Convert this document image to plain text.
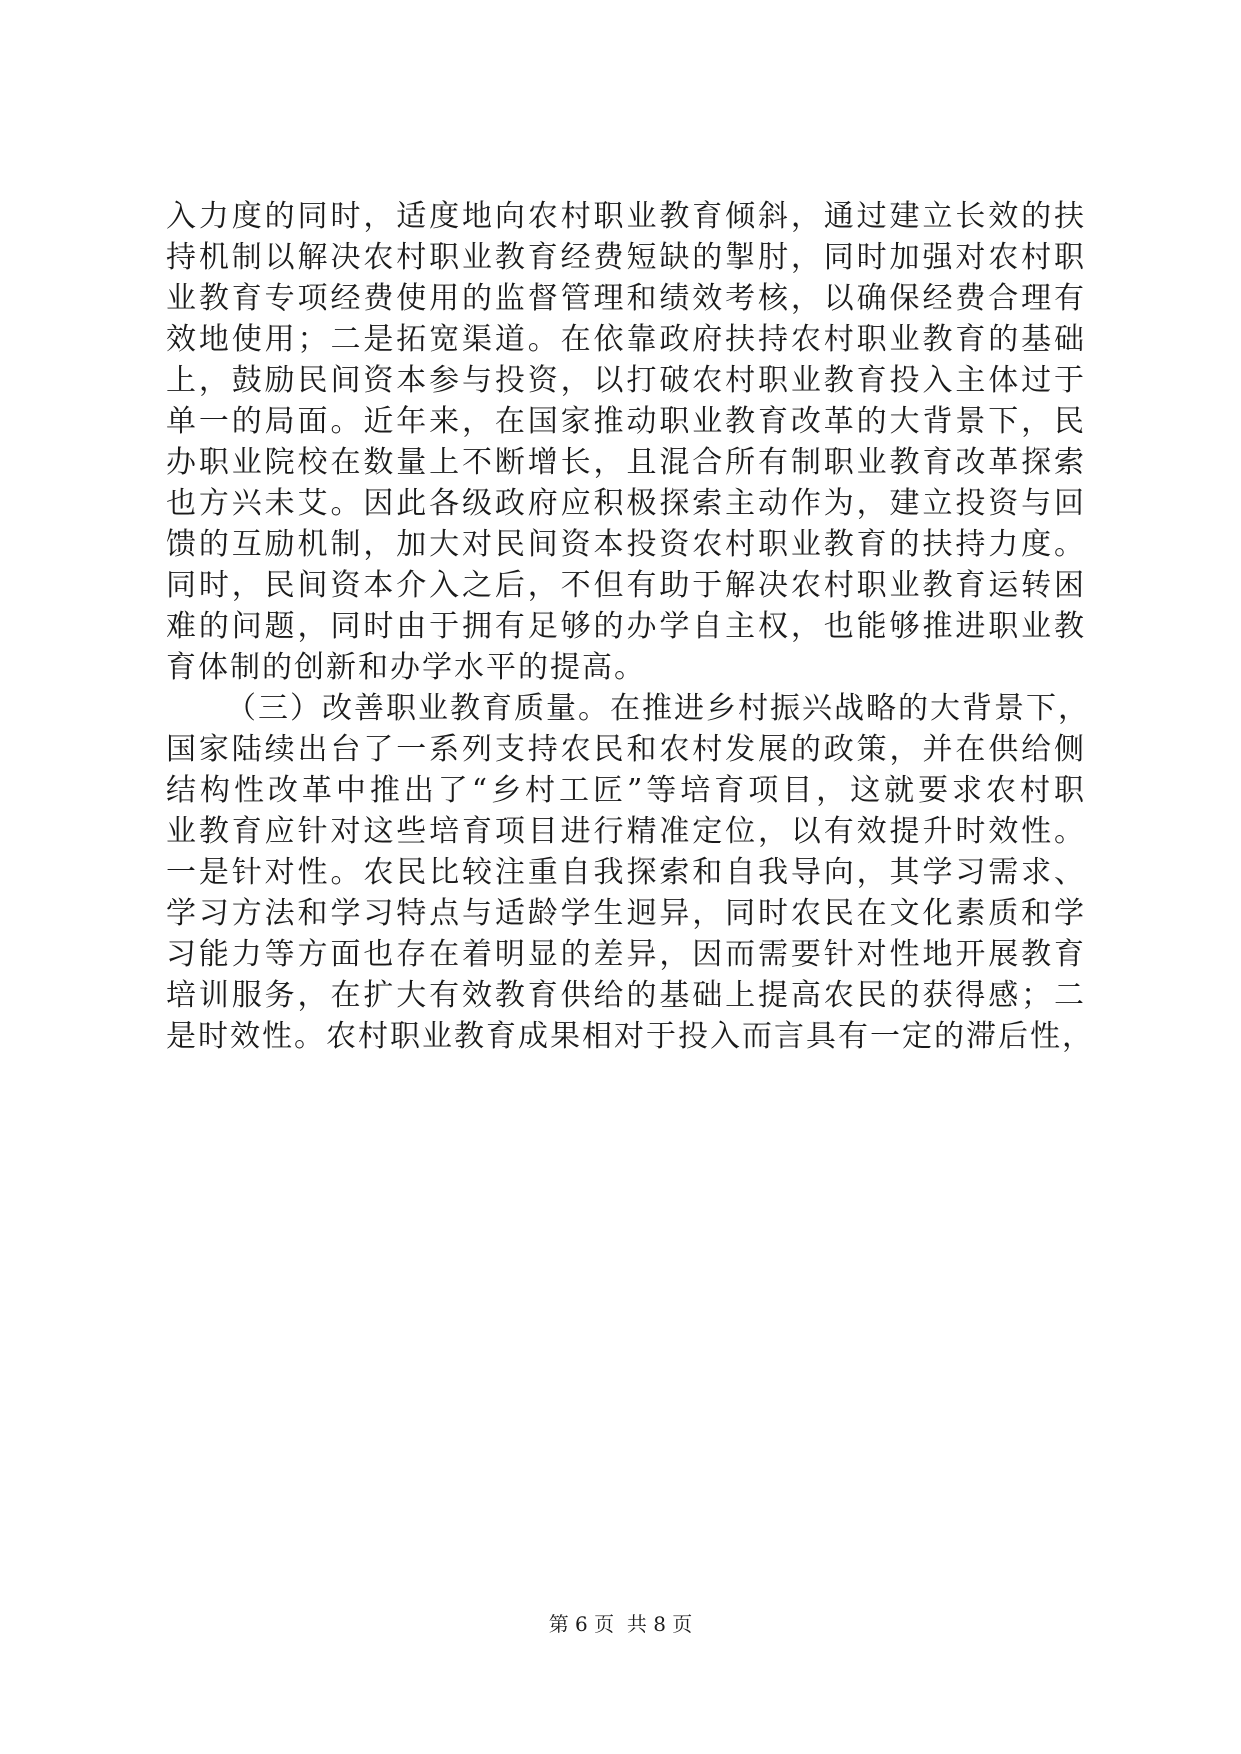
入力度的同时，适度地向农村职业教育倾斜，通过建立长效的扶
持机制以解决农村职业教育经费短缺的掣肘，同时加强对农村职
业教育专项经费使用的监督管理和绩效考核，以确保经费合理有
效地使用；二是拓宽渠道。在依靠政府扶持农村职业教育的基础
上，鼓励民间资本参与投资，以打破农村职业教育投入主体过于
单一的局面。近年来，在国家推动职业教育改革的大背景下，民
办职业院校在数量上不断增长，且混合所有制职业教育改革探索
也方兴未艾。因此各级政府应积极探索主动作为，建立投资与回
馈的互励机制，加大对民间资本投资农村职业教育的扶持力度。
同时，民间资本介入之后，不但有助于解决农村职业教育运转困
难的问题，同时由于拥有足够的办学自主权，也能够推进职业教
育体制的创新和办学水平的提高。
（三）改善职业教育质量。在推进乡村振兴战略的大背景下，
国家陆续出台了一系列支持农民和农村发展的政策，并在供给侧
结构性改革中推出了“乡村工匠”等培育项目，这就要求农村职
业教育应针对这些培育项目进行精准定位，以有效提升时效性。
一是针对性。农民比较注重自我探索和自我导向，其学习需求、
学习方法和学习特点与适龄学生迥异，同时农民在文化素质和学
习能力等方面也存在着明显的差异，因而需要针对性地开展教育
培训服务，在扩大有效教育供给的基础上提高农民的获得感；二
是时效性。农村职业教育成果相对于投入而言具有一定的滞后性，
第 6 页  共 8 页
